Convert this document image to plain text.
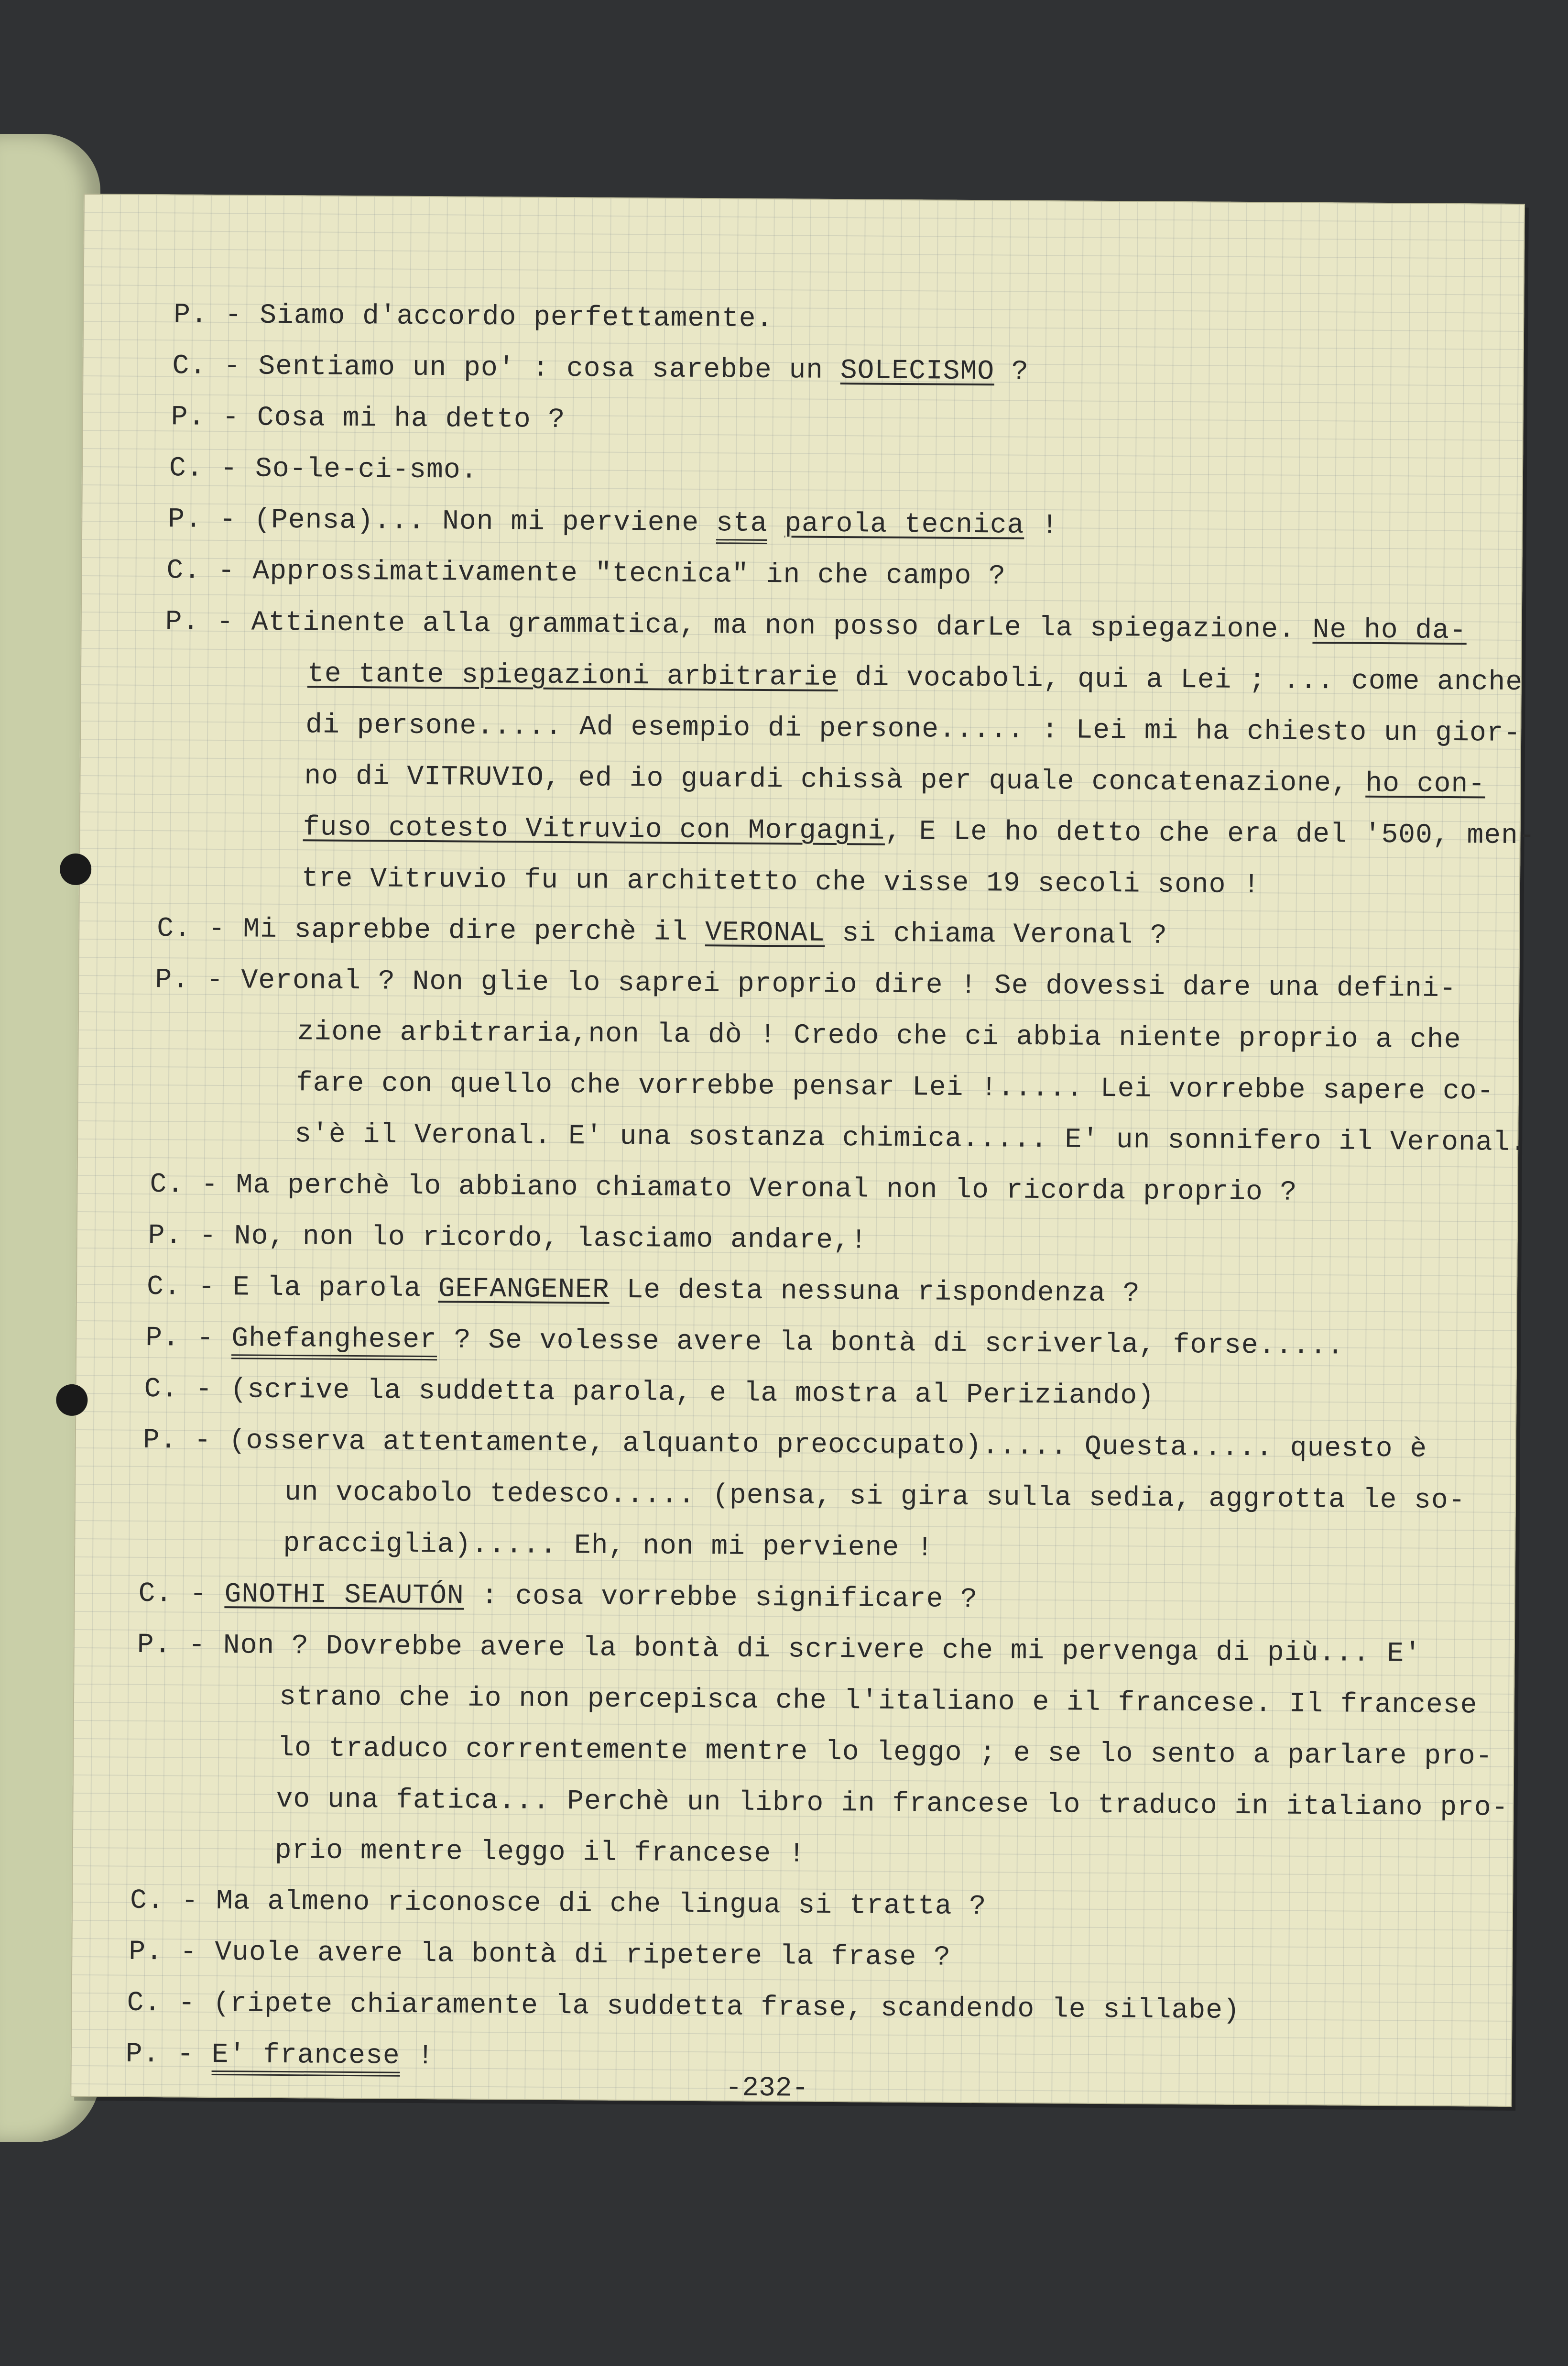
P. - Siamo d'accordo perfettamente.
C. - Sentiamo un po' : cosa sarebbe un SOLECISMO ?
P. - Cosa mi ha detto ?
C. - So-le-ci-smo.
P. - (Pensa)... Non mi perviene sta parola tecnica !
C. - Approssimativamente "tecnica" in che campo ?
P. - Attinente alla grammatica, ma non posso darLe la spiegazione. Ne ho da-
te tante spiegazioni arbitrarie di vocaboli, qui a Lei ; ... come anche
di persone..... Ad esempio di persone..... : Lei mi ha chiesto un gior-
no di VITRUVIO, ed io guardi chissà per quale concatenazione, ho con-
fuso cotesto Vitruvio con Morgagni, E Le ho detto che era del '500, men-
tre Vitruvio fu un architetto che visse 19 secoli sono !
C. - Mi saprebbe dire perchè il VERONAL si chiama Veronal ?
P. - Veronal ? Non glie lo saprei proprio dire ! Se dovessi dare una defini-
zione arbitraria,non la dò ! Credo che ci abbia niente proprio a che
fare con quello che vorrebbe pensar Lei !..... Lei vorrebbe sapere co-
s'è il Veronal. E' una sostanza chimica..... E' un sonnifero il Veronal.
C. - Ma perchè lo abbiano chiamato Veronal non lo ricorda proprio ?
P. - No, non lo ricordo, lasciamo andare,!
C. - E la parola GEFANGENER Le desta nessuna rispondenza ?
P. - Ghefangheser ? Se volesse avere la bontà di scriverla, forse.....
C. - (scrive la suddetta parola, e la mostra al Periziando)
P. - (osserva attentamente, alquanto preoccupato)..... Questa..... questo è
un vocabolo tedesco..... (pensa, si gira sulla sedia, aggrotta le so-
pracciglia)..... Eh, non mi perviene !
C. - GNOTHI SEAUTÓN : cosa vorrebbe significare ?
P. - Non ? Dovrebbe avere la bontà di scrivere che mi pervenga di più... E'
strano che io non percepisca che l'italiano e il francese. Il francese
lo traduco correntemente mentre lo leggo ; e se lo sento a parlare pro-
vo una fatica... Perchè un libro in francese lo traduco in italiano pro-
prio mentre leggo il francese !
C. - Ma almeno riconosce di che lingua si tratta ?
P. - Vuole avere la bontà di ripetere la frase ?
C. - (ripete chiaramente la suddetta frase, scandendo le sillabe)
P. - E' francese !
-232-
